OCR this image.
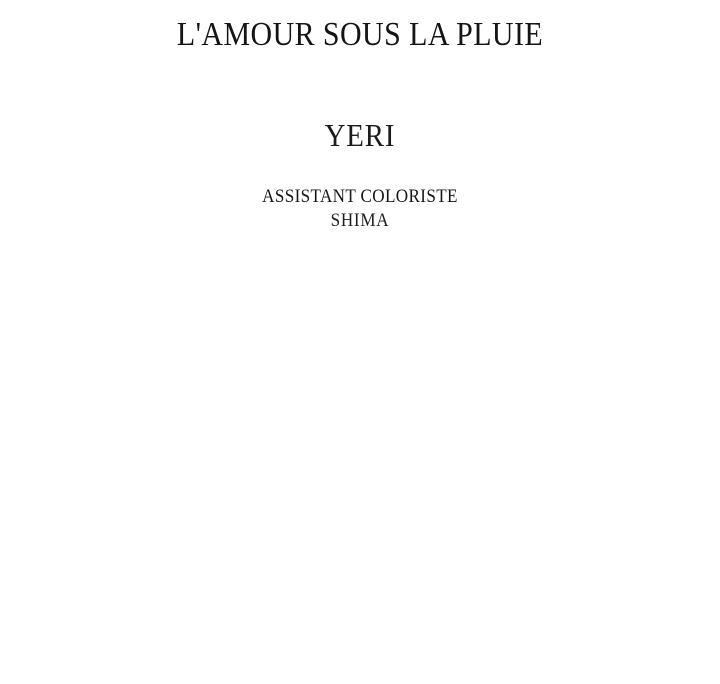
L'AMOUR SOUS LA PLUIE
YERI
ASSISTANT COLORISTE
SHIMA
